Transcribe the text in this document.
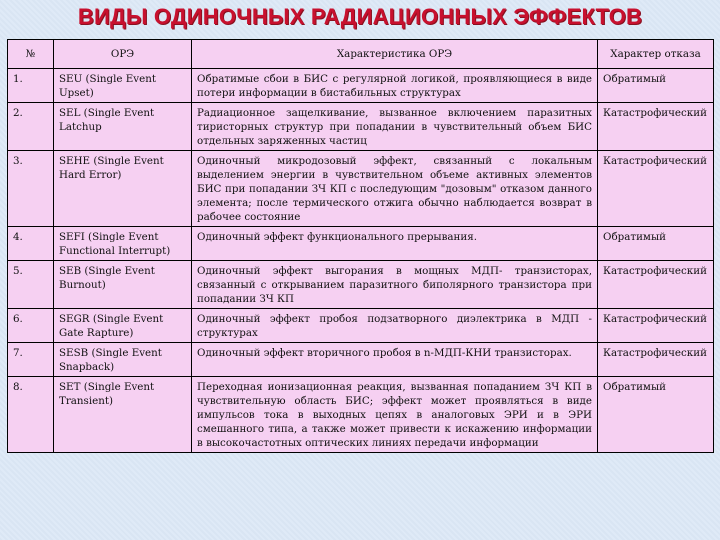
ВИДЫ ОДИНОЧНЫХ РАДИАЦИОННЫХ ЭФФЕКТОВ
№	ОРЭ	Характеристика ОРЭ	Характер отказа
1.	SEU (Single Event Upset)	Обратимые сбои в БИС с регулярной логикой, проявляющиеся в виде потери информации в бистабильных структурах	Обратимый
2.	SEL (Single Event Latchup	Радиационное защелкивание, вызванное включением паразитных тиристорных структур при попадании в чувствительный объем БИС отдельных заряженных частиц	Катастрофический
3.	SEHE (Single Event Hard Error)	Одиночный микродозовый эффект, связанный с локальным выделением энергии в чувствительном объеме активных элементов БИС при попадании ЗЧ КП с последующим "дозовым" отказом данного элемента; после термического отжига обычно наблюдается возврат в рабочее состояние	Катастрофический
4.	SEFI (Single Event Functional Interrupt)	Одиночный эффект функционального прерывания.	Обратимый
5.	SEB (Single Event Burnout)	Одиночный эффект выгорания в мощных МДП- транзисторах, связанный с открыванием паразитного биполярного транзистора при попадании ЗЧ КП	Катастрофический
6.	SEGR (Single Event Gate Rapture)	Одиночный эффект пробоя подзатворного диэлектрика в МДП - структурах	Катастрофический
7.	SESB (Single Event Snapback)	Одиночный эффект вторичного пробоя в n-МДП-КНИ транзисторах.	Катастрофический
8.	SET (Single Event Transient)	Переходная ионизационная реакция, вызванная попаданием ЗЧ КП в чувствительную область БИС; эффект может проявляться в виде импульсов тока в выходных цепях в аналоговых ЭРИ и в ЭРИ смешанного типа, а также может привести к искажению информации в высокочастотных оптических линиях передачи информации	Обратимый
